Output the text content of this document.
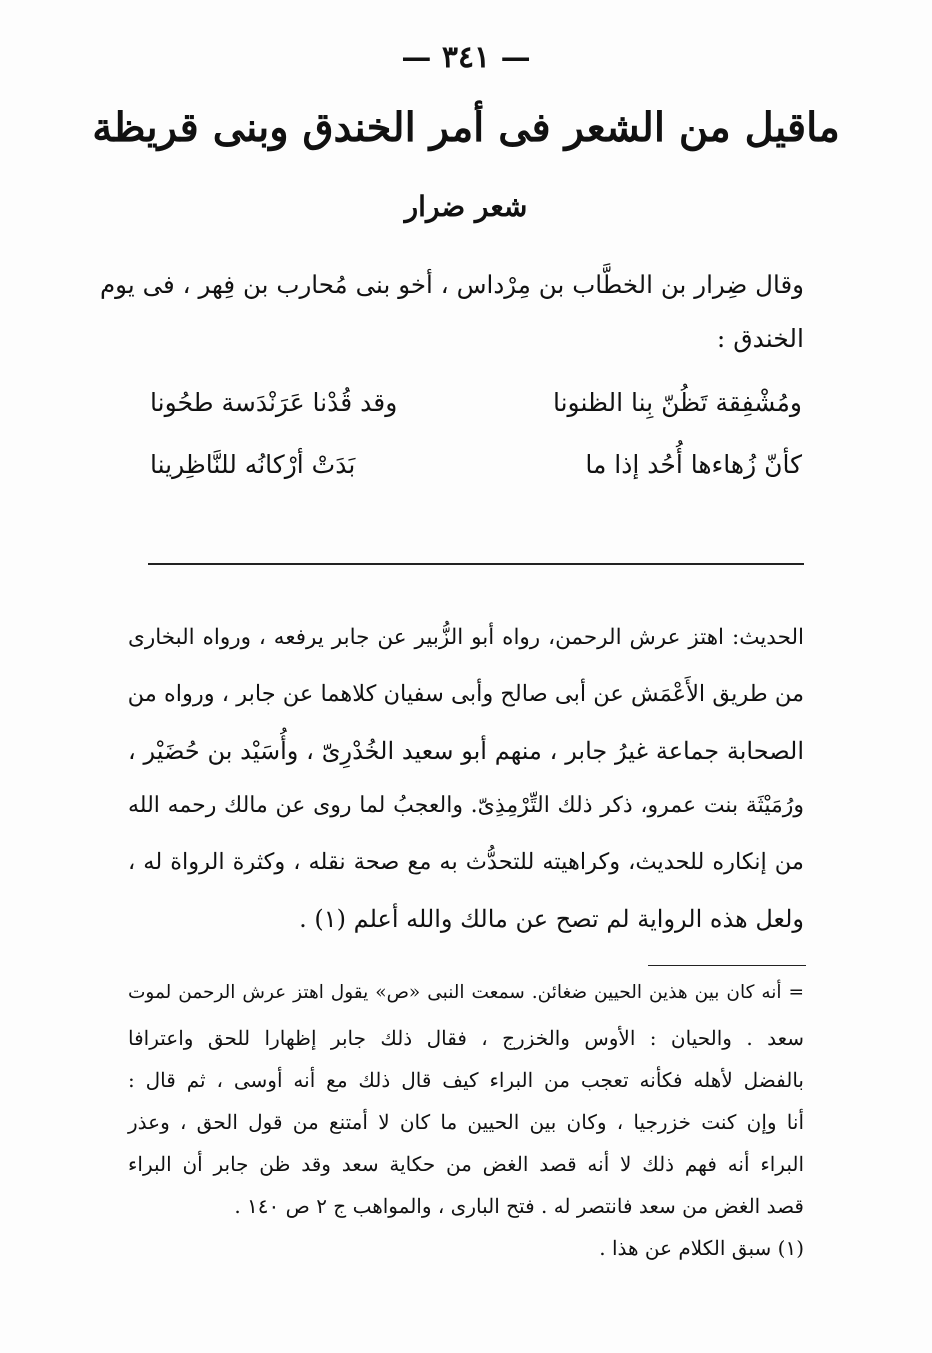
— ٣٤١ —
ماقيل من الشعر فى أمر الخندق وبنى قريظة
شعر ضرار
وقال ضِرار بن الخطَّاب بن مِرْداس ، أخو بنى مُحارب بن فِهر ، فى يوم
الخندق :
ومُشْفِقة تَظُنّ بِنا الظنونا
وقد قُدْنا عَرَنْدَسة طحُونا
كأنّ زُهاءها أُحُد إذا ما
بَدَتْ أرْكانُه للنَّاظِرينا
الحديث: اهتز عرش الرحمن، رواه أبو الزُّبير عن جابر يرفعه ، ورواه البخارى
من طريق الأَعْمَش عن أبى صالح وأبى سفيان كلاهما عن جابر ، ورواه من
الصحابة جماعة غيرُ جابر ، منهم أبو سعيد الخُدْرِىّ ، وأُسَيْد بن حُضَيْر ،
ورُمَيْثَة بنت عمرو، ذكر ذلك التِّرْمِذِىّ. والعجبُ لما روى عن مالك رحمه الله
من إنكاره للحديث، وكراهيته للتحدُّث به مع صحة نقله ، وكثرة الرواة له ،
ولعل هذه الرواية لم تصح عن مالك والله أعلم (١) .
= أنه كان بين هذين الحيين ضغائن. سمعت النبى «ص» يقول اهتز عرش الرحمن لموت
سعد . والحيان : الأوس والخزرج ، فقال ذلك جابر إظهارا للحق واعترافا
بالفضل لأهله فكأنه تعجب من البراء كيف قال ذلك مع أنه أوسى ، ثم قال :
أنا وإن كنت خزرجيا ، وكان بين الحيين ما كان لا أمتنع من قول الحق ، وعذر
البراء أنه فهم ذلك لا أنه قصد الغض من حكاية سعد وقد ظن جابر أن البراء
قصد الغض من سعد فانتصر له . فتح البارى ، والمواهب ج ٢ ص ١٤٠ .
(١) سبق الكلام عن هذا .
